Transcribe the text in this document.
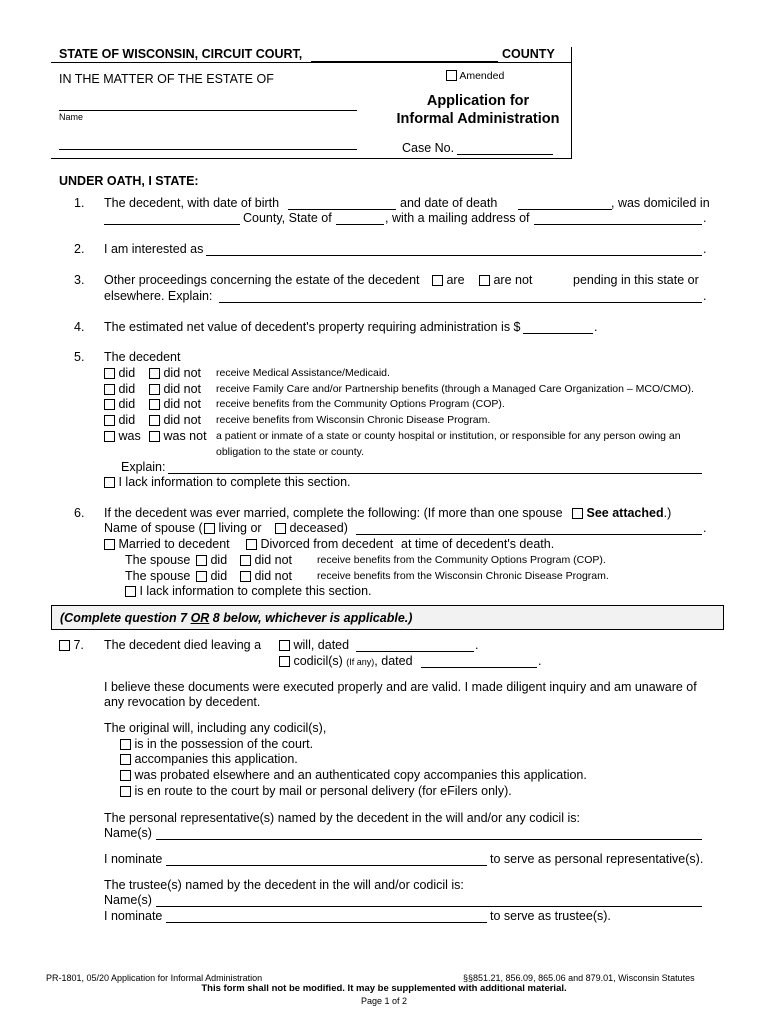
STATE OF WISCONSIN, CIRCUIT COURT,	COUNTY
IN THE MATTER OF THE ESTATE OF
Name
Amended
Application for
Informal Administration
Case No.
UNDER OATH, I STATE:
1. The decedent, with date of birth	and date of death	, was domiciled in
County, State of	, with a mailing address of	.
2. I am interested as	.
3. Other proceedings concerning the estate of the decedent	are	are not	pending in this state or
elsewhere. Explain:	.
4. The estimated net value of decedent's property requiring administration is $	.
5. The decedent
did	did not receive Medical Assistance/Medicaid.
did	did not receive Family Care and/or Partnership benefits (through a Managed Care Organization – MCO/CMO).
did	did not receive benefits from the Community Options Program (COP).
did	did not receive benefits from Wisconsin Chronic Disease Program.
was	was not a patient or inmate of a state or county hospital or institution, or responsible for any person owing an
obligation to the state or county.
Explain:
I lack information to complete this section.
6. If the decedent was ever married, complete the following: (If more than one spouse	See attached.)
Name of spouse (	living or	deceased)	.
Married to decedent	Divorced from decedent at time of decedent's death.
The spouse	did	did not receive benefits from the Community Options Program (COP).
The spouse	did	did not receive benefits from the Wisconsin Chronic Disease Program.
I lack information to complete this section.
(Complete question 7 OR 8 below, whichever is applicable.)
7. The decedent died leaving a	will, dated	.
codicil(s) (If any), dated	.
I believe these documents were executed properly and are valid. I made diligent inquiry and am unaware of
any revocation by decedent.
The original will, including any codicil(s),
is in the possession of the court.
accompanies this application.
was probated elsewhere and an authenticated copy accompanies this application.
is en route to the court by mail or personal delivery (for eFilers only).
The personal representative(s) named by the decedent in the will and/or any codicil is:
Name(s)
I nominate	to serve as personal representative(s).
The trustee(s) named by the decedent in the will and/or codicil is:
Name(s)
I nominate	to serve as trustee(s).
PR-1801, 05/20 Application for Informal Administration	§§851.21, 856.09, 865.06 and 879.01, Wisconsin Statutes
This form shall not be modified. It may be supplemented with additional material.
Page 1 of 2
